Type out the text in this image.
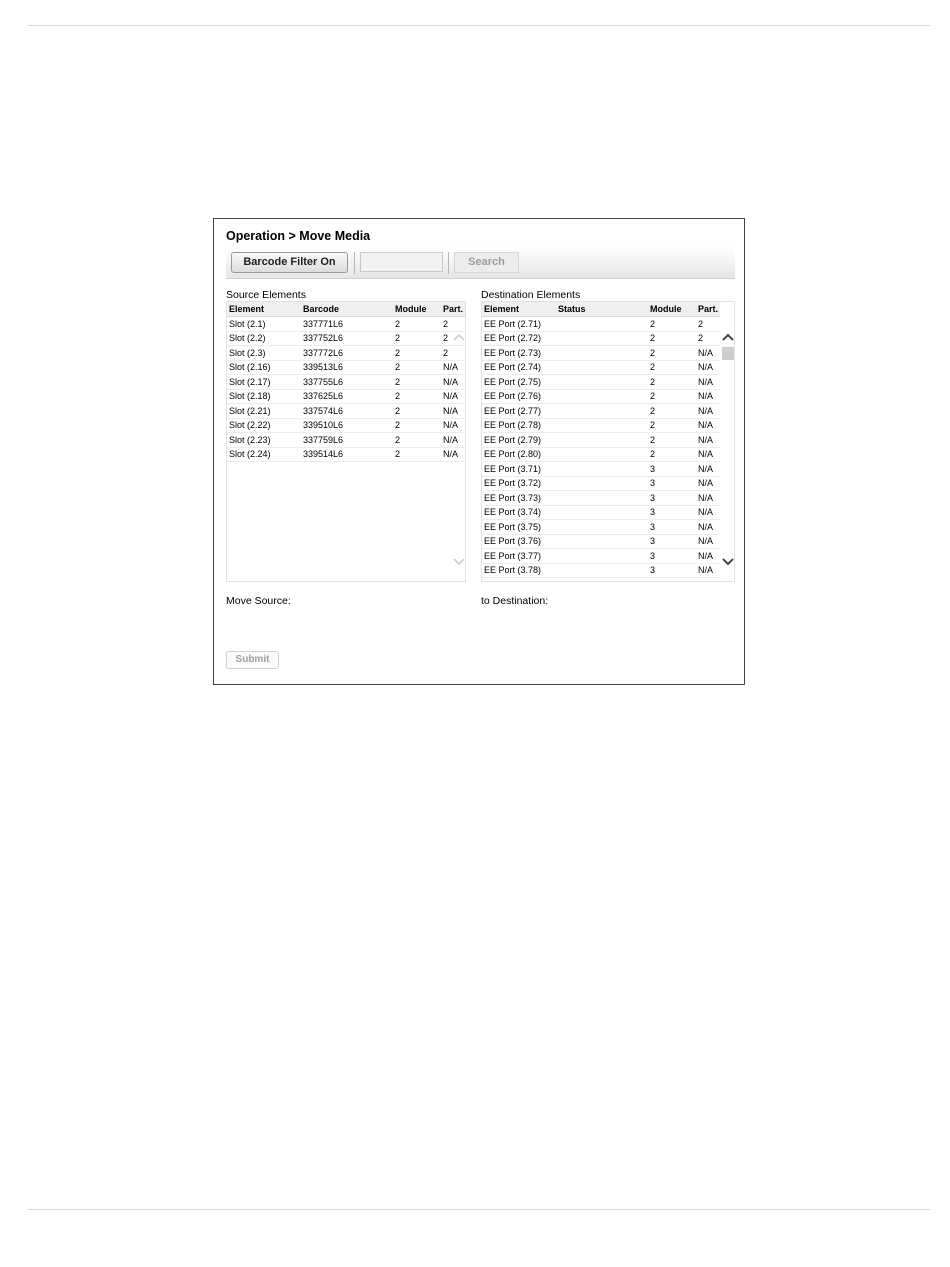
Operation > Move Media
Barcode Filter On	Search
Source Elements
Element	Barcode	Module	Part.
Slot (2.1)	337771L6	2	2
Slot (2.2)	337752L6	2	2
Slot (2.3)	337772L6	2	2
Slot (2.16)	339513L6	2	N/A
Slot (2.17)	337755L6	2	N/A
Slot (2.18)	337625L6	2	N/A
Slot (2.21)	337574L6	2	N/A
Slot (2.22)	339510L6	2	N/A
Slot (2.23)	337759L6	2	N/A
Slot (2.24)	339514L6	2	N/A
Destination Elements
Element	Status	Module	Part.
EE Port (2.71)		2	2
EE Port (2.72)		2	2
EE Port (2.73)		2	N/A
EE Port (2.74)		2	N/A
EE Port (2.75)		2	N/A
EE Port (2.76)		2	N/A
EE Port (2.77)		2	N/A
EE Port (2.78)		2	N/A
EE Port (2.79)		2	N/A
EE Port (2.80)		2	N/A
EE Port (3.71)		3	N/A
EE Port (3.72)		3	N/A
EE Port (3.73)		3	N/A
EE Port (3.74)		3	N/A
EE Port (3.75)		3	N/A
EE Port (3.76)		3	N/A
EE Port (3.77)		3	N/A
EE Port (3.78)		3	N/A
Move Source:	to Destination:
Submit
